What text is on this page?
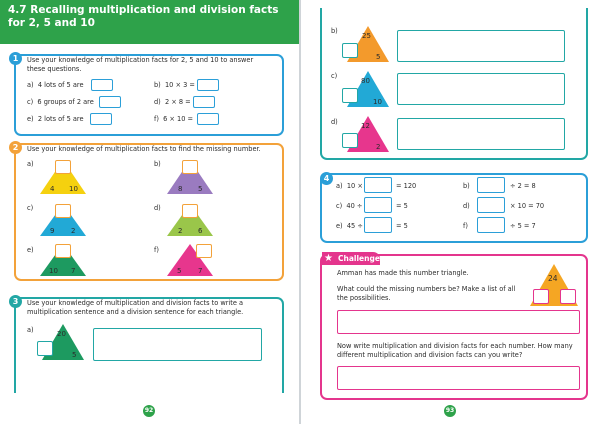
4.7 Recalling multiplication and division facts
for 2, 5 and 10
1	Use your knowledge of multiplication facts for 2, 5 and 10 to answer these questions.
a) 4 lots of 5 are	b) 10 × 3 =
c) 6 groups of 2 are	d) 2 × 8 =
e) 2 lots of 5 are	f) 6 × 10 =
2	Use your knowledge of multiplication facts to find the missing number.
a)
4 10
b)
8 5
c)
9 2
d)
2 6
e)
10 7
f)
5 7
3	Use your knowledge of multiplication and division facts to write a multiplication sentence and a division sentence for each triangle.
a)	20
5
b)
25
5
c)
80
10
d)	12
2
4
a) 10 ×	= 120	b)	÷ 2 = 8
c) 40 ÷	= 5	d)	× 10 = 70
e) 45 ÷	= 5	f)	÷ 5 = 7
★ Challenge
Amman has made this number triangle.
What could the missing numbers be? Make a list of all the possibilities.
24
Now write multiplication and division facts for each number. How many different multiplication and division facts can you write?
92	93
